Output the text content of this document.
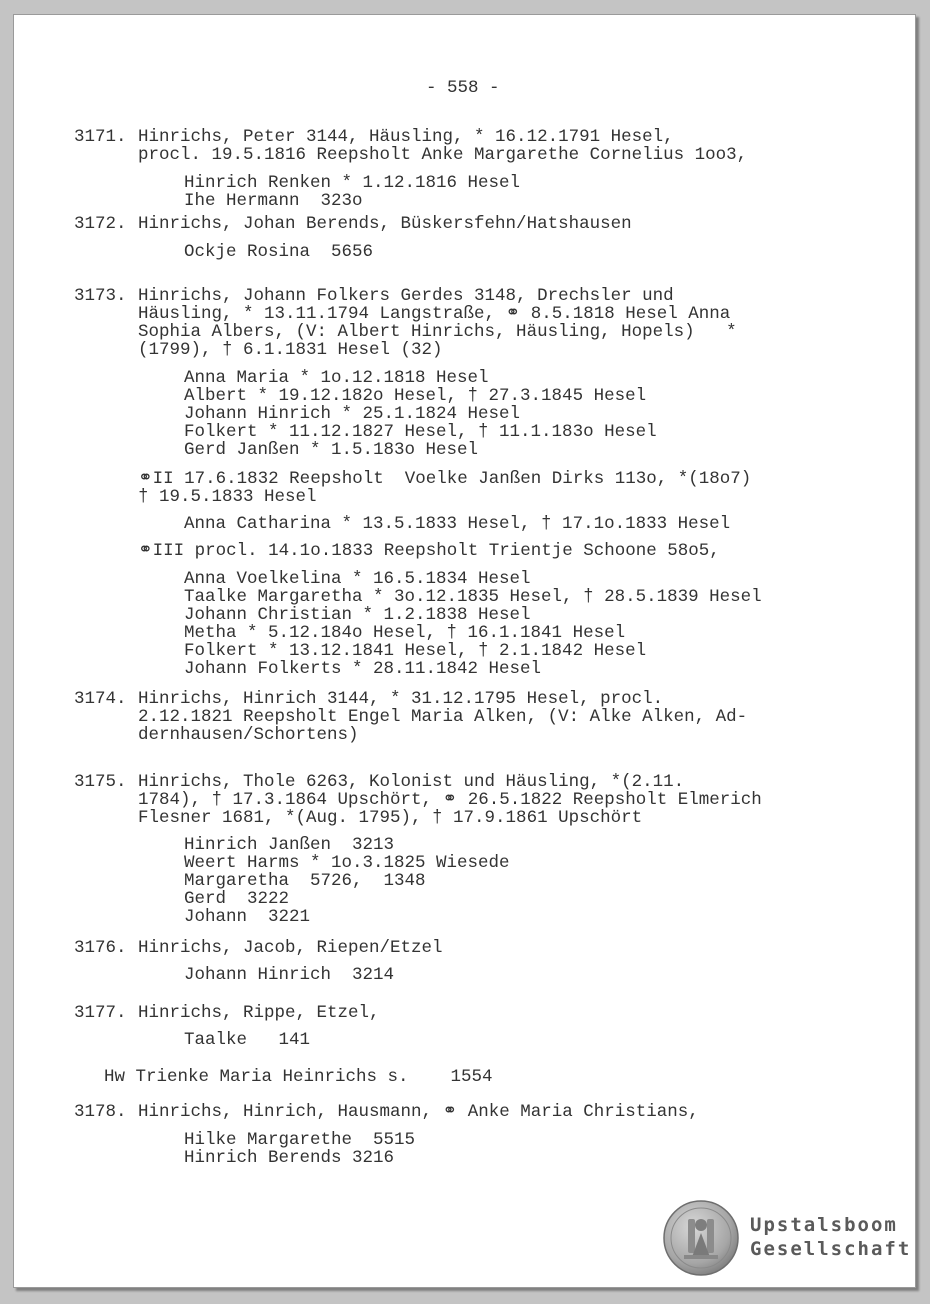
- 558 -

3171.

Hinrichs, Peter 3144, Häusling, * 16.12.1791 Hesel,

procl. 19.5.1816 Reepsholt Anke Margarethe Cornelius 1oo3,

Hinrich Renken * 1.12.1816 Hesel

Ihe Hermann  323o

3172.

Hinrichs, Johan Berends, Büskersfehn/Hatshausen

Ockje Rosina  5656

3173.

Hinrichs, Johann Folkers Gerdes 3148, Drechsler und

Häusling, * 13.11.1794 Langstraße, ⚭ 8.5.1818 Hesel Anna

Sophia Albers, (V: Albert Hinrichs, Häusling, Hopels)   *

(1799), † 6.1.1831 Hesel (32)

Anna Maria * 1o.12.1818 Hesel

Albert * 19.12.182o Hesel, † 27.3.1845 Hesel

Johann Hinrich * 25.1.1824 Hesel

Folkert * 11.12.1827 Hesel, † 11.1.183o Hesel

Gerd Janßen * 1.5.183o Hesel

⚭II 17.6.1832 Reepsholt  Voelke Janßen Dirks 113o, *(18o7)

† 19.5.1833 Hesel

Anna Catharina * 13.5.1833 Hesel, † 17.1o.1833 Hesel

⚭III procl. 14.1o.1833 Reepsholt Trientje Schoone 58o5,

Anna Voelkelina * 16.5.1834 Hesel

Taalke Margaretha * 3o.12.1835 Hesel, † 28.5.1839 Hesel

Johann Christian * 1.2.1838 Hesel

Metha * 5.12.184o Hesel, † 16.1.1841 Hesel

Folkert * 13.12.1841 Hesel, † 2.1.1842 Hesel

Johann Folkerts * 28.11.1842 Hesel

3174.

Hinrichs, Hinrich 3144, * 31.12.1795 Hesel, procl.

2.12.1821 Reepsholt Engel Maria Alken, (V: Alke Alken, Ad-

dernhausen/Schortens)

3175.

Hinrichs, Thole 6263, Kolonist und Häusling, *(2.11.

1784), † 17.3.1864 Upschört, ⚭ 26.5.1822 Reepsholt Elmerich

Flesner 1681, *(Aug. 1795), † 17.9.1861 Upschört

Hinrich Janßen  3213

Weert Harms * 1o.3.1825 Wiesede

Margaretha  5726,  1348

Gerd  3222

Johann  3221

3176.

Hinrichs, Jacob, Riepen/Etzel

Johann Hinrich  3214

3177.

Hinrichs, Rippe, Etzel,

Taalke   141

Hw Trienke Maria Heinrichs s.    1554

3178.

Hinrichs, Hinrich, Hausmann, ⚭ Anke Maria Christians,

Hilke Margarethe  5515

Hinrich Berends 3216

Upstalsboom
Gesellschaft
